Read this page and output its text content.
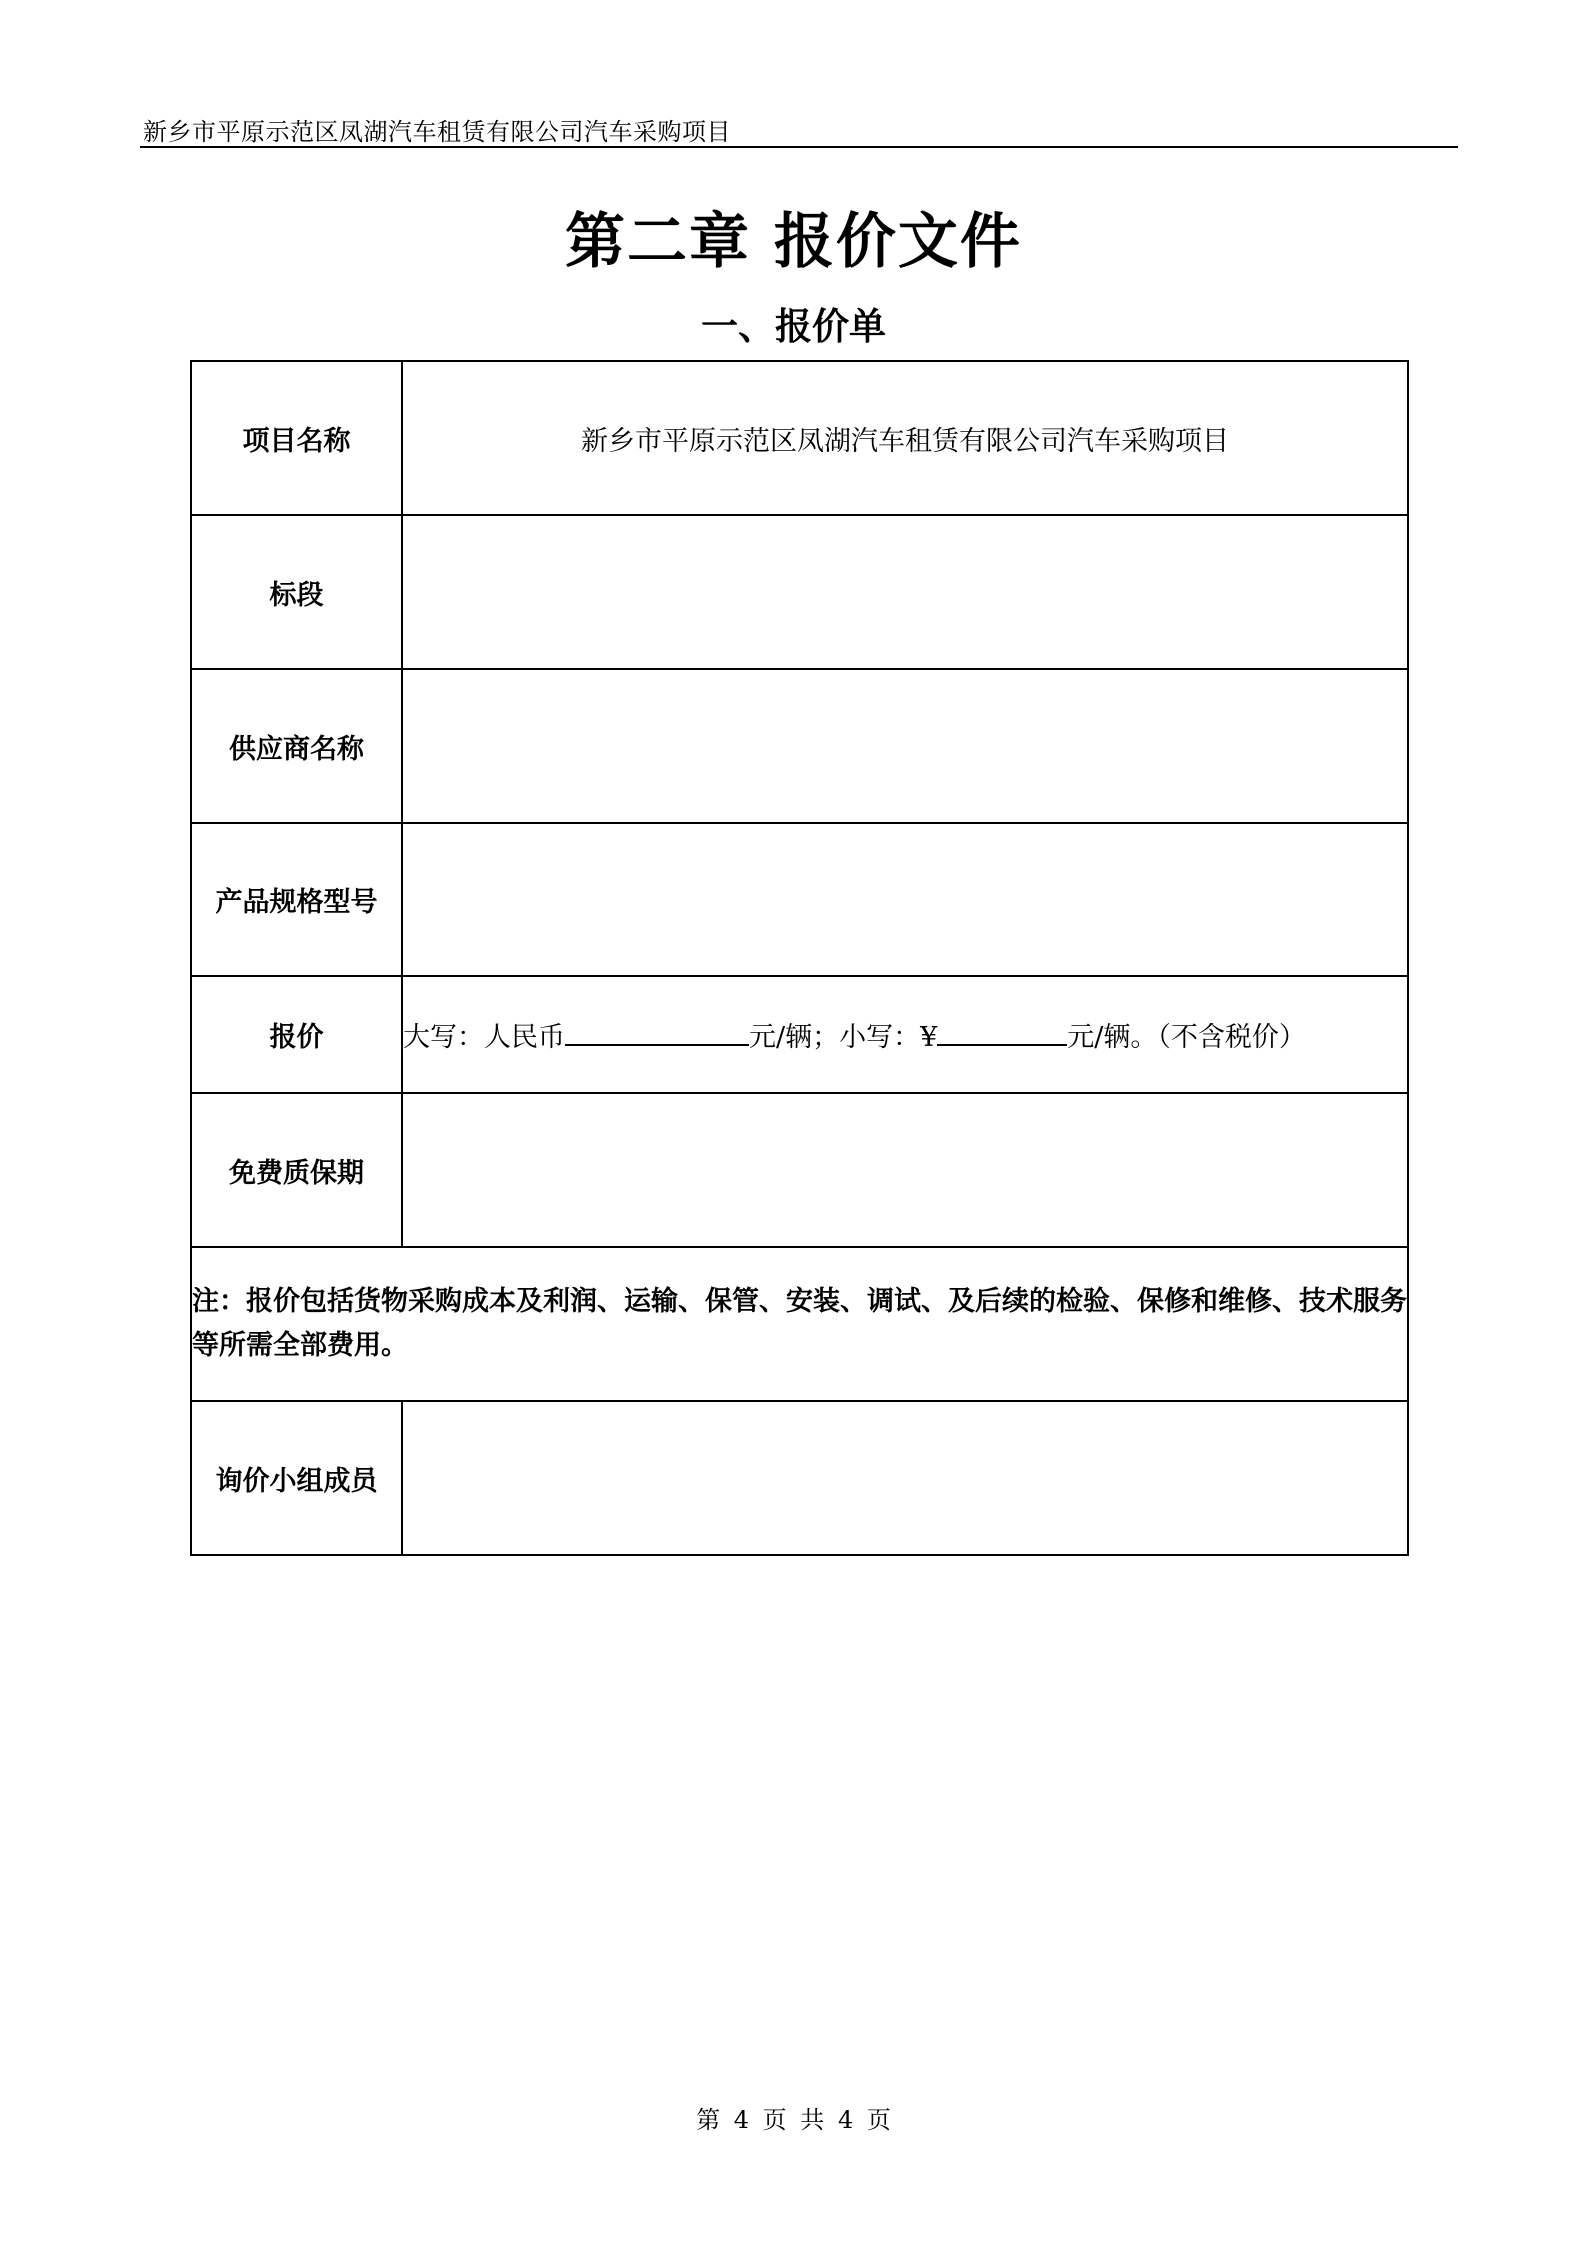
新乡市平原示范区凤湖汽车租赁有限公司汽车采购项目
第二章 报价文件
一、报价单
项目名称	新乡市平原示范区凤湖汽车租赁有限公司汽车采购项目
标段	
供应商名称	
产品规格型号	
报价	大写：人民币 元/辆；小写：¥ 元/辆。（不含税价）
免费质保期	
注：报价包括货物采购成本及利润、运输、保管、安装、调试、及后续的检验、保修和维修、技术服务等所需全部费用。	
询价小组成员	
第 4 页 共 4 页
